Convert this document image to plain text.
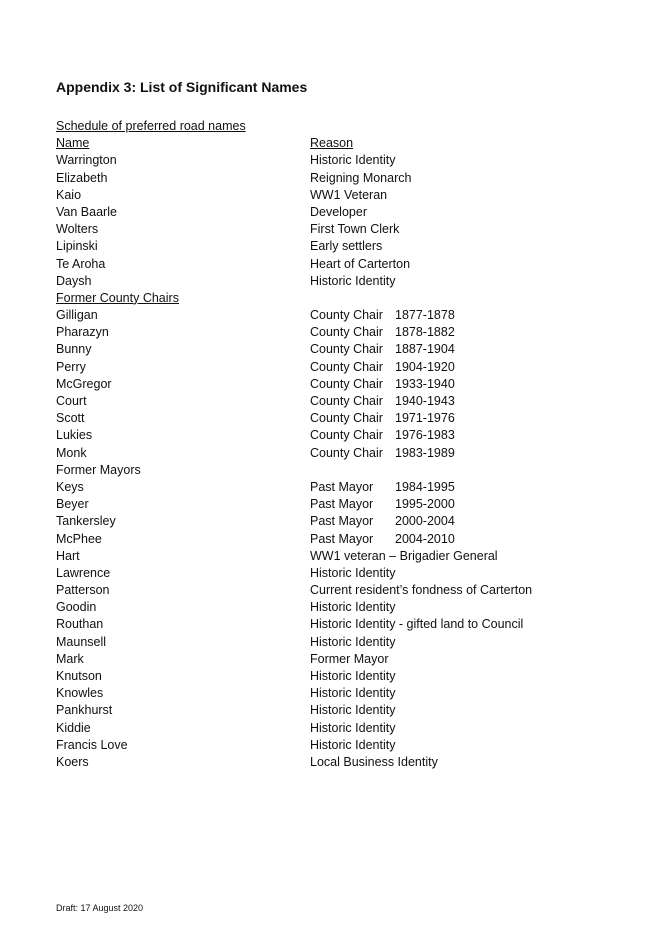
Appendix 3: List of Significant Names
Schedule of preferred road names
Name	Reason
Warrington	Historic Identity
Elizabeth	Reigning Monarch
Kaio	WW1 Veteran
Van Baarle	Developer
Wolters	First Town Clerk
Lipinski	Early settlers
Te Aroha	Heart of Carterton
Daysh	Historic Identity
Former County Chairs
Gilligan	County Chair 1877-1878
Pharazyn	County Chair 1878-1882
Bunny	County Chair 1887-1904
Perry	County Chair 1904-1920
McGregor	County Chair 1933-1940
Court	County Chair 1940-1943
Scott	County Chair 1971-1976
Lukies	County Chair 1976-1983
Monk	County Chair 1983-1989
Former Mayors
Keys	Past Mayor 1984-1995
Beyer	Past Mayor 1995-2000
Tankersley	Past Mayor 2000-2004
McPhee	Past Mayor 2004-2010
Hart	WW1 veteran – Brigadier General
Lawrence	Historic Identity
Patterson	Current resident’s fondness of Carterton
Goodin	Historic Identity
Routhan	Historic Identity - gifted land to Council
Maunsell	Historic Identity
Mark	Former Mayor
Knutson	Historic Identity
Knowles	Historic Identity
Pankhurst	Historic Identity
Kiddie	Historic Identity
Francis Love	Historic Identity
Koers	Local Business Identity
Draft: 17 August 2020
